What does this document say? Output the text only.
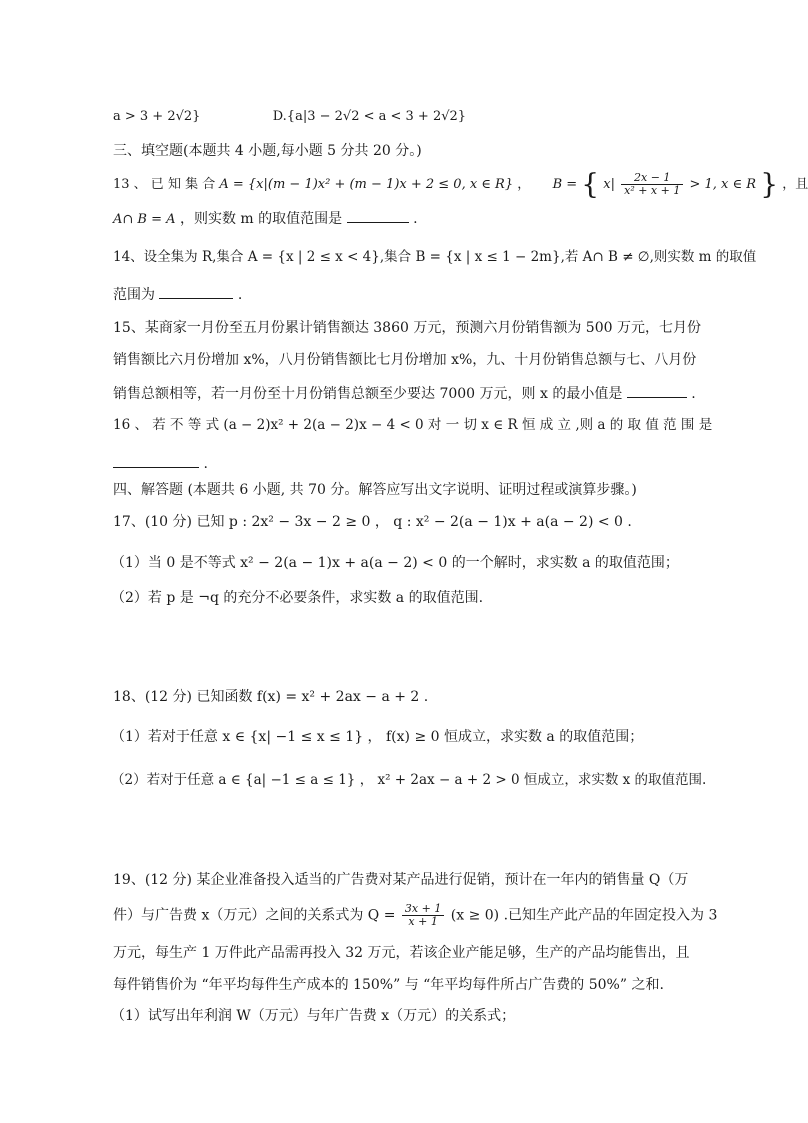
a > 3 + 2√2}	D.{a|3 − 2√2 < a < 3 + 2√2}
三、填空题(本题共 4 小题,每小题 5 分共 20 分。)
13 、 已 知 集 合 A = {x|(m − 1)x² + (m − 1)x + 2 ≤ 0, x ∈ R} ， B = { $x| \frac{2x - 1}{\text{x² + x + 1}} > 1$, x ∈ R } ，且
A∩ B = A ，则实数 m 的取值范围是	.
14、设全集为 R,集合 A = {x | 2 ≤ x < 4},集合 B = {x | x ≤ 1 − 2m},若 A∩ B ≠ ∅,则实数 m 的取值
范围为	.
15、某商家一月份至五月份累计销售额达 3860 万元，预测六月份销售额为 500 万元，七月份
销售额比六月份增加 x%，八月份销售额比七月份增加 x%，九、十月份销售总额与七、八月份
销售总额相等，若一月份至十月份销售总额至少要达 7000 万元，则 x 的最小值是	.
16 、 若 不 等 式 (a − 2)x² + 2(a − 2)x − 4 < 0 对 一 切 x ∈ R 恒 成 立 ,则 a 的 取 值 范 围 是
.
四、解答题 (本题共 6 小题, 共 70 分。解答应写出文字说明、证明过程或演算步骤。)
17、(10 分) 已知 p : 2x² − 3x − 2 ≥ 0 ， q : x² − 2(a − 1)x + a(a − 2) < 0 .
（1）当 0 是不等式 x² − 2(a − 1)x + a(a − 2) < 0 的一个解时，求实数 a 的取值范围；
（2）若 p 是 ¬q 的充分不必要条件，求实数 a 的取值范围.
18、(12 分) 已知函数 f(x) = x² + 2ax − a + 2 .
（1）若对于任意 x ∈ {x| −1 ≤ x ≤ 1} ， f(x) ≥ 0 恒成立，求实数 a 的取值范围；
（2）若对于任意 a ∈ {a| −1 ≤ a ≤ 1} ， x² + 2ax − a + 2 > 0 恒成立，求实数 x 的取值范围.
19、(12 分) 某企业准备投入适当的广告费对某产品进行促销，预计在一年内的销售量 Q（万
件）与广告费 x（万元）之间的关系式为 $Q = \frac{3x + 1}{x + 1} (x \ge 0)$ .已知生产此产品的年固定投入为 3
万元，每生产 1 万件此产品需再投入 32 万元，若该企业产能足够，生产的产品均能售出，且
每件销售价为 “年平均每件生产成本的 150%” 与 “年平均每件所占广告费的 50%” 之和.
（1）试写出年利润 W（万元）与年广告费 x（万元）的关系式；
